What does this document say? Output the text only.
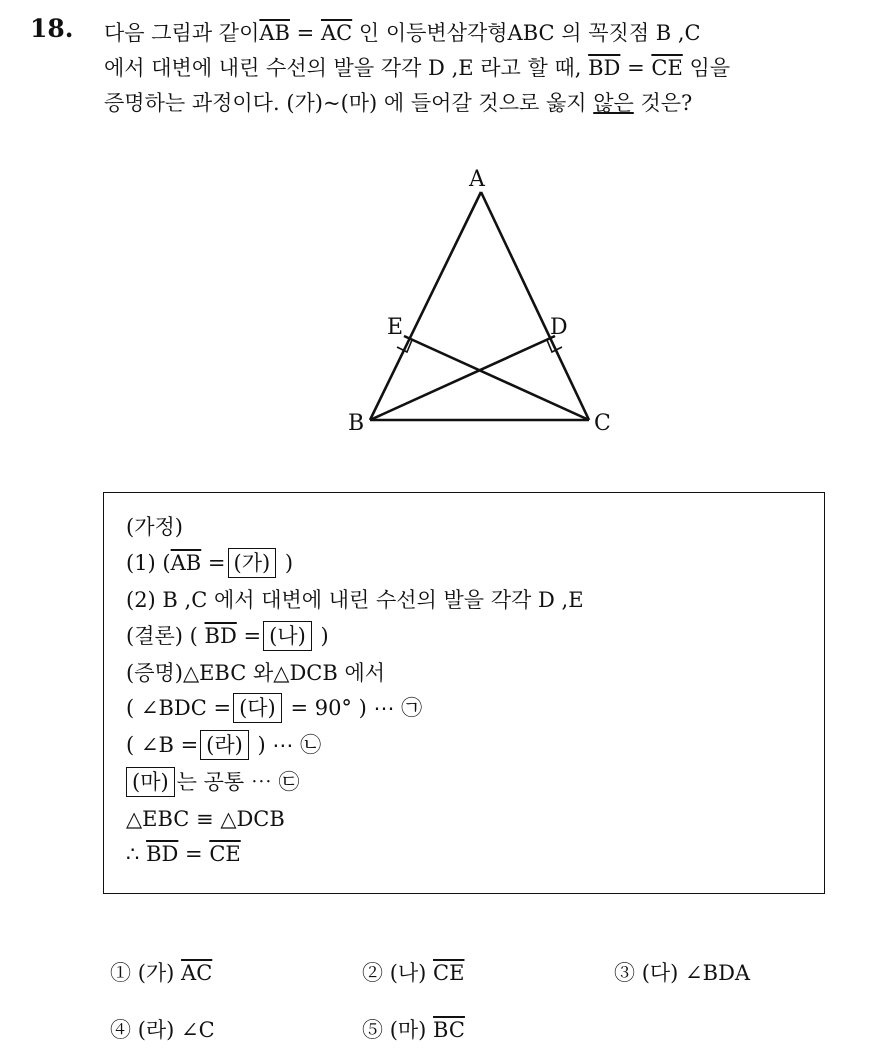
18. 다음 그림과 같이$\overline{AB} = \overline{AC}$ 인 이등변삼각형ABC 의 꼭짓점 B ,C

에서 대변에 내린 수선의 발을 각각 D ,E 라고 할 때, $\overline{BD} = \overline{CE}$ 임을

증명하는 과정이다. (가)~(마) 에 들어갈 것으로 옳지 않은 것은?

A
E	D
B	C
(가정)
(1) ($\overline{AB}$ = (가) )
(2) B ,C 에서 대변에 내린 수선의 발을 각각 D ,E
(결론) ( $\overline{BD}$ = (나) )
(증명)△EBC 와△DCB 에서
( ∠BDC = (다) = 90° ) ⋯ ㉠
( ∠B = (라) ) ⋯ ㉡
(마) 는 공통 ⋯ ㉢
△EBC ≡ △DCB
∴ $\overline{BD} = \overline{CE}$
① (가) $\overline{AC}$	② (나) $\overline{CE}$	③ (다) ∠BDA
④ (라) ∠C	⑤ (마) $\overline{BC}$
